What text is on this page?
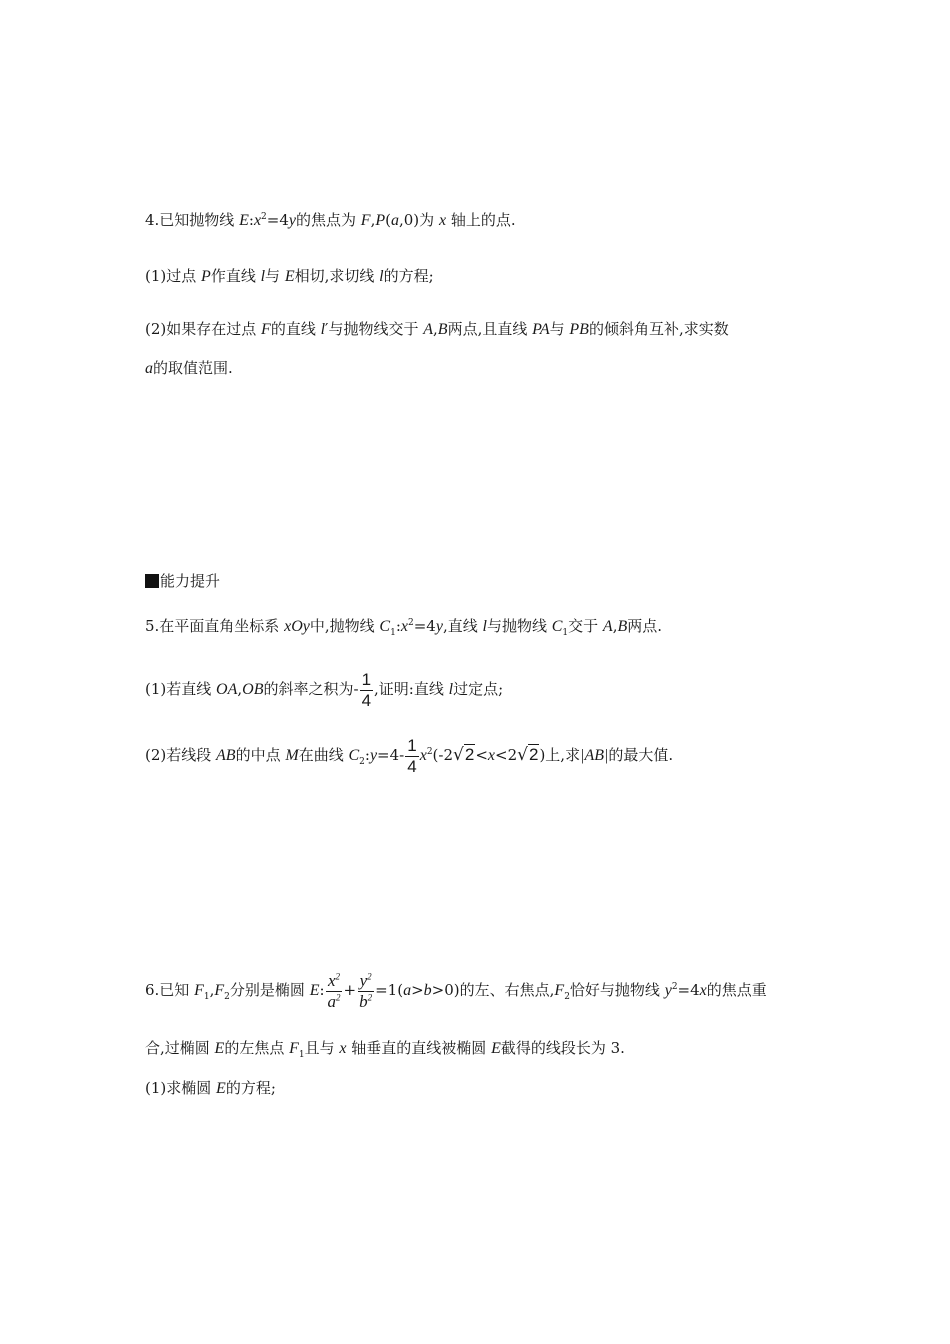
4.已知抛物线 $E:x^2=4y$的焦点为 F,P(a,0)为 x 轴上的点.
(1)过点 P作直线 l与 E相切,求切线 l的方程;
(2)如果存在过点 F的直线 l′与抛物线交于 A,B两点,且直线 PA与 PB的倾斜角互补,求实数
a的取值范围.
能力提升
5.在平面直角坐标系 xOy中,抛物线 $C_1:x^2=4y$,直线 l与抛物线 $C_1$交于 A,B两点.
(1)若直线 OA,OB的斜率之积为- $\frac{1}{4}$ ,证明:直线 l过定点;
(2)若线段 AB的中点 M在曲线 $C_2:y=4- \frac{1}{4} x^2(-2√2<x<2√2)$上,求|AB|的最大值.
6.已知 $F_1,F_2$分别是椭圆 E: $\frac{x^2}{a^2} + \frac{y^2}{b^2} =1(a>b>0)$的左、右焦点$,F_2$恰好与抛物线 $y^2=4x$的焦点重
合,过椭圆 E的左焦点 $F_1$且与 x 轴垂直的直线被椭圆 E截得的线段长为 3.
(1)求椭圆 E的方程;
